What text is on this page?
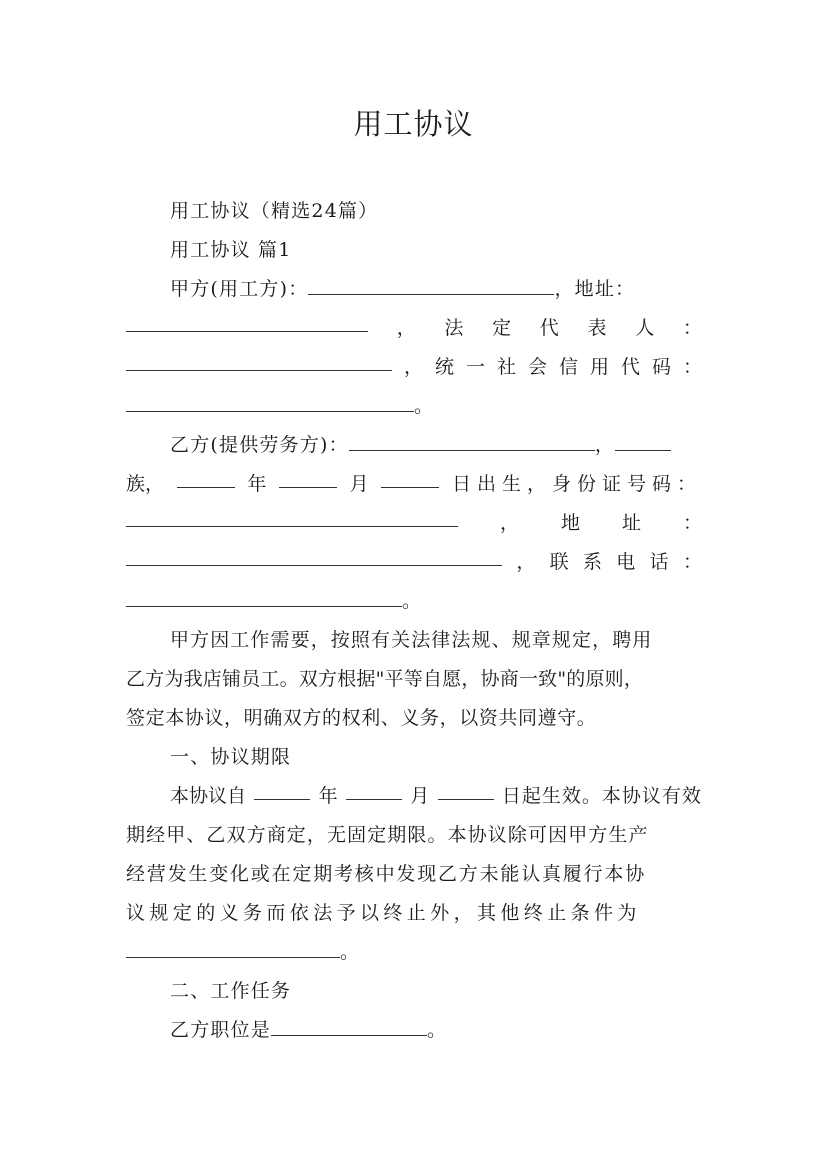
用工协议
用工协议（精选24篇）
用工协议 篇1
甲方(用工方)：	，地址：
， 法 定 代 表 人 ：
， 统 一 社 会 信 用 代 码 ：
。
乙方(提供劳务方)：	，
族，	年	月	日出生，身份证号码：
， 地 址 ：
， 联 系 电 话 ：
。
甲方因工作需要，按照有关法律法规、规章规定，聘用
乙方为我店铺员工。双方根据"平等自愿，协商一致"的原则，
签定本协议，明确双方的权利、义务，以资共同遵守。
一、协议期限
本协议自	年	月	日起生效。本协议有效
期经甲、乙双方商定，无固定期限。本协议除可因甲方生产
经营发生变化或在定期考核中发现乙方未能认真履行本协
议规定的义务而依法予以终止外，其他终止条件为
。
二、工作任务
乙方职位是	。
